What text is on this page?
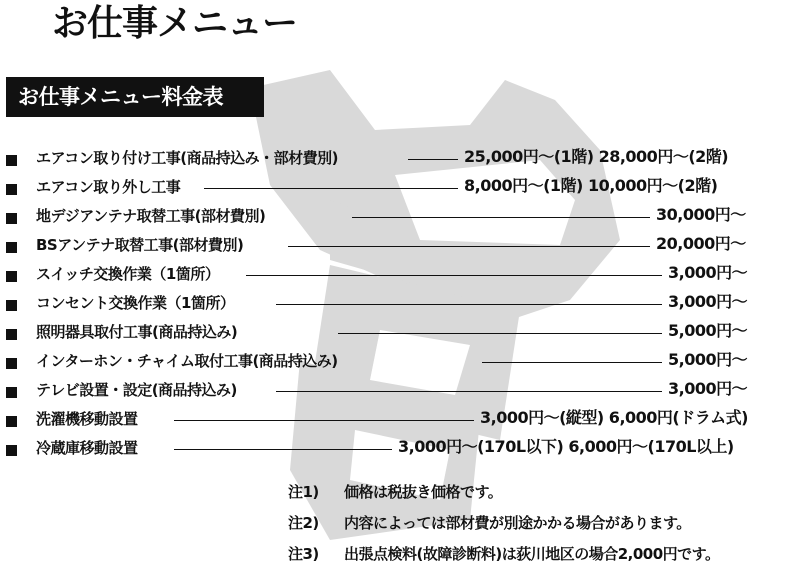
お仕事メニュー
お仕事メニュー料金表
エアコン取り付け工事(商品持込み・部材費別)	25,000円〜(1階) 28,000円〜(2階)
エアコン取り外し工事	8,000円〜(1階) 10,000円〜(2階)
地デジアンテナ取替工事(部材費別)	30,000円〜
BSアンテナ取替工事(部材費別)	20,000円〜
スイッチ交換作業（1箇所）	3,000円〜
コンセント交換作業（1箇所）	3,000円〜
照明器具取付工事(商品持込み)	5,000円〜
インターホン・チャイム取付工事(商品持込み)	5,000円〜
テレビ設置・設定(商品持込み)	3,000円〜
洗濯機移動設置	3,000円〜(縦型) 6,000円(ドラム式)
冷蔵庫移動設置	3,000円〜(170L以下) 6,000円〜(170L以上)
注1) 価格は税抜き価格です。
注2) 内容によっては部材費が別途かかる場合があります。
注3) 出張点検料(故障診断料)は荻川地区の場合2,000円です。
